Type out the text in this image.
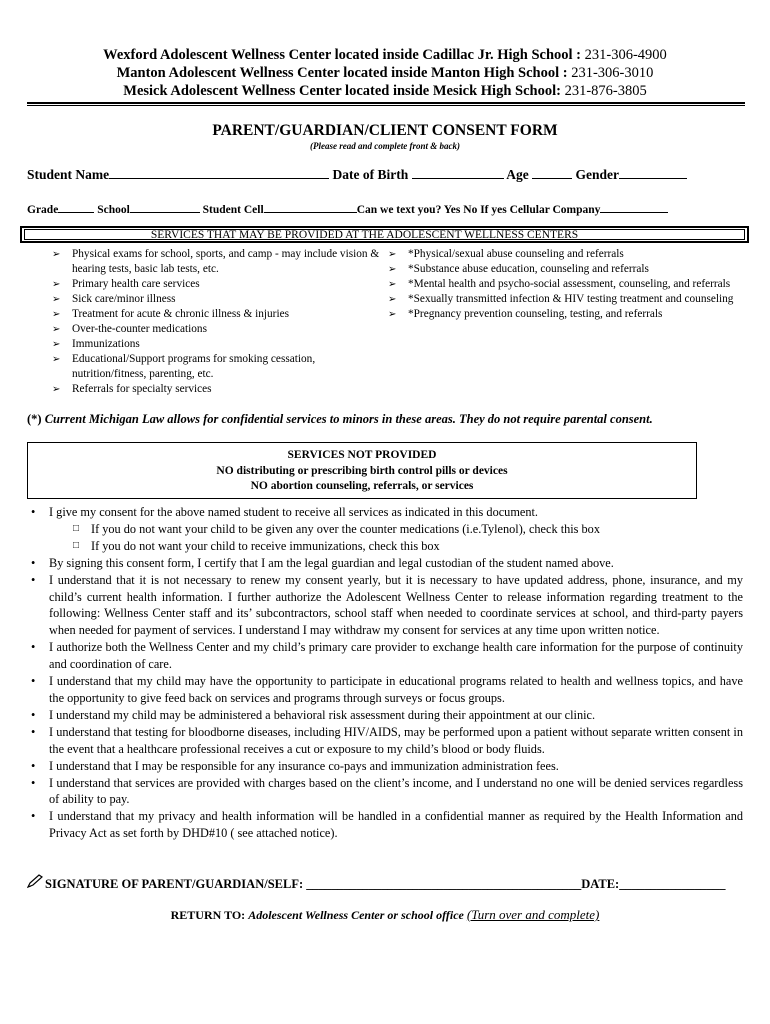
Wexford Adolescent Wellness Center located inside Cadillac Jr. High School : 231-306-4900
Manton Adolescent Wellness Center located inside Manton High School : 231-306-3010
Mesick Adolescent Wellness Center located inside Mesick High School: 231-876-3805
PARENT/GUARDIAN/CLIENT CONSENT FORM
(Please read and complete front & back)
Student Name	Date of Birth	Age	Gender
Grade	School	Student Cell	Can we text you? Yes No If yes Cellular Company
SERVICES THAT MAY BE PROVIDED AT THE ADOLESCENT WELLNESS CENTERS
➢ Physical exams for school, sports, and camp - may include vision & hearing tests, basic lab tests, etc.
➢ Primary health care services
➢ Sick care/minor illness
➢ Treatment for acute & chronic illness & injuries
➢ Over-the-counter medications
➢ Immunizations
➢ Educational/Support programs for smoking cessation, nutrition/fitness, parenting, etc.
➢ Referrals for specialty services
➢ *Physical/sexual abuse counseling and referrals
➢ *Substance abuse education, counseling and referrals
➢ *Mental health and psycho-social assessment, counseling, and referrals
➢ *Sexually transmitted infection & HIV testing treatment and counseling
➢ *Pregnancy prevention counseling, testing, and referrals
(*) Current Michigan Law allows for confidential services to minors in these areas. They do not require parental consent.
SERVICES NOT PROVIDED
NO distributing or prescribing birth control pills or devices
NO abortion counseling, referrals, or services
• I give my consent for the above named student to receive all services as indicated in this document.
□ If you do not want your child to be given any over the counter medications (i.e.Tylenol), check this box
□ If you do not want your child to receive immunizations, check this box
• By signing this consent form, I certify that I am the legal guardian and legal custodian of the student named above.
• I understand that it is not necessary to renew my consent yearly, but it is necessary to have updated address, phone, insurance, and my child’s current health information. I further authorize the Adolescent Wellness Center to release information regarding treatment to the following: Wellness Center staff and its’ subcontractors, school staff when needed to coordinate services at school, and third-party payers when needed for payment of services. I understand I may withdraw my consent for services at any time upon written notice.
• I authorize both the Wellness Center and my child’s primary care provider to exchange health care information for the purpose of continuity and coordination of care.
• I understand that my child may have the opportunity to participate in educational programs related to health and wellness topics, and have the opportunity to give feed back on services and programs through surveys or focus groups.
• I understand my child may be administered a behavioral risk assessment during their appointment at our clinic.
• I understand that testing for bloodborne diseases, including HIV/AIDS, may be performed upon a patient without separate written consent in the event that a healthcare professional receives a cut or exposure to my child’s blood or body fluids.
• I understand that I may be responsible for any insurance co-pays and immunization administration fees.
• I understand that services are provided with charges based on the client’s income, and I understand no one will be denied services regardless of ability to pay.
• I understand that my privacy and health information will be handled in a confidential manner as required by the Health Information and Privacy Act as set forth by DHD#10 ( see attached notice).
SIGNATURE OF PARENT/GUARDIAN/SELF: ____________________________________________DATE:_________________
RETURN TO: Adolescent Wellness Center or school office (Turn over and complete)
